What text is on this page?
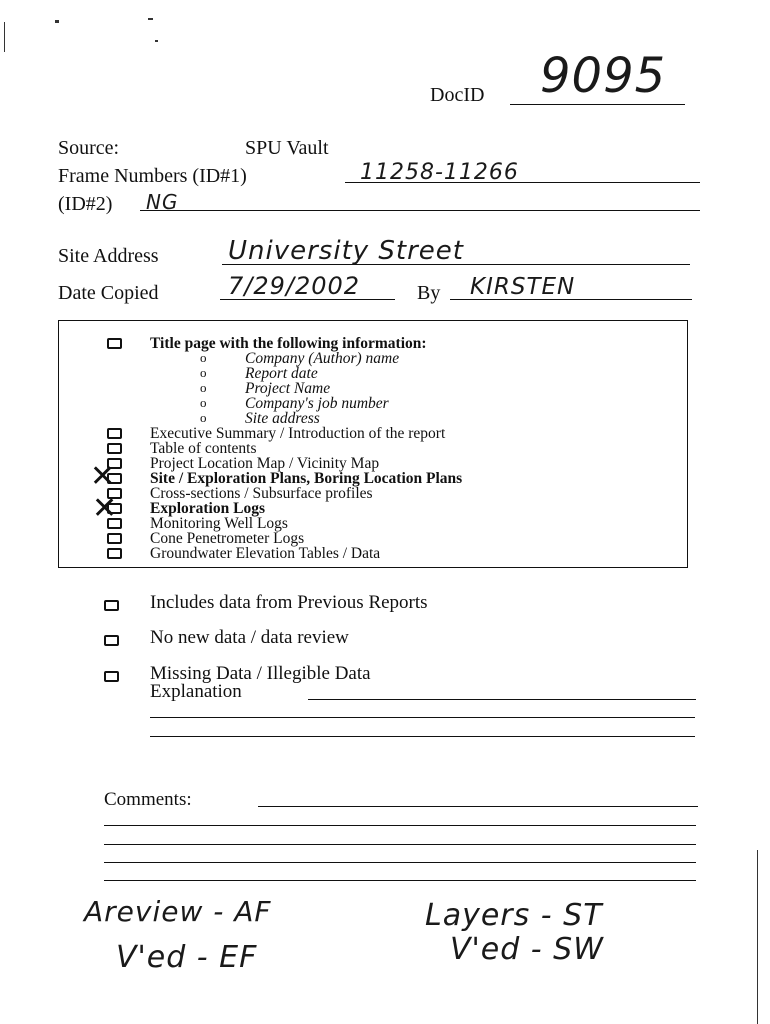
DocID 9095
Source:	SPU Vault
Frame Numbers (ID#1)	11258-11266
(ID#2) NG
Site Address	University Street
Date Copied	7/29/2002	By KIRSTEN
Title page with the following information:
o Company (Author) name
o Report date
o Project Name
o Company's job number
o Site address
Executive Summary / Introduction of the report
Table of contents
Project Location Map / Vicinity Map
✕ Site / Exploration Plans, Boring Location Plans
Cross-sections / Subsurface profiles
✕ Exploration Logs
Monitoring Well Logs
Cone Penetrometer Logs
Groundwater Elevation Tables / Data
Includes data from Previous Reports
No new data / data review
Missing Data / Illegible Data
Explanation
Comments:
Areview - AF
V'ed - EF
Layers - ST
V'ed - SW
